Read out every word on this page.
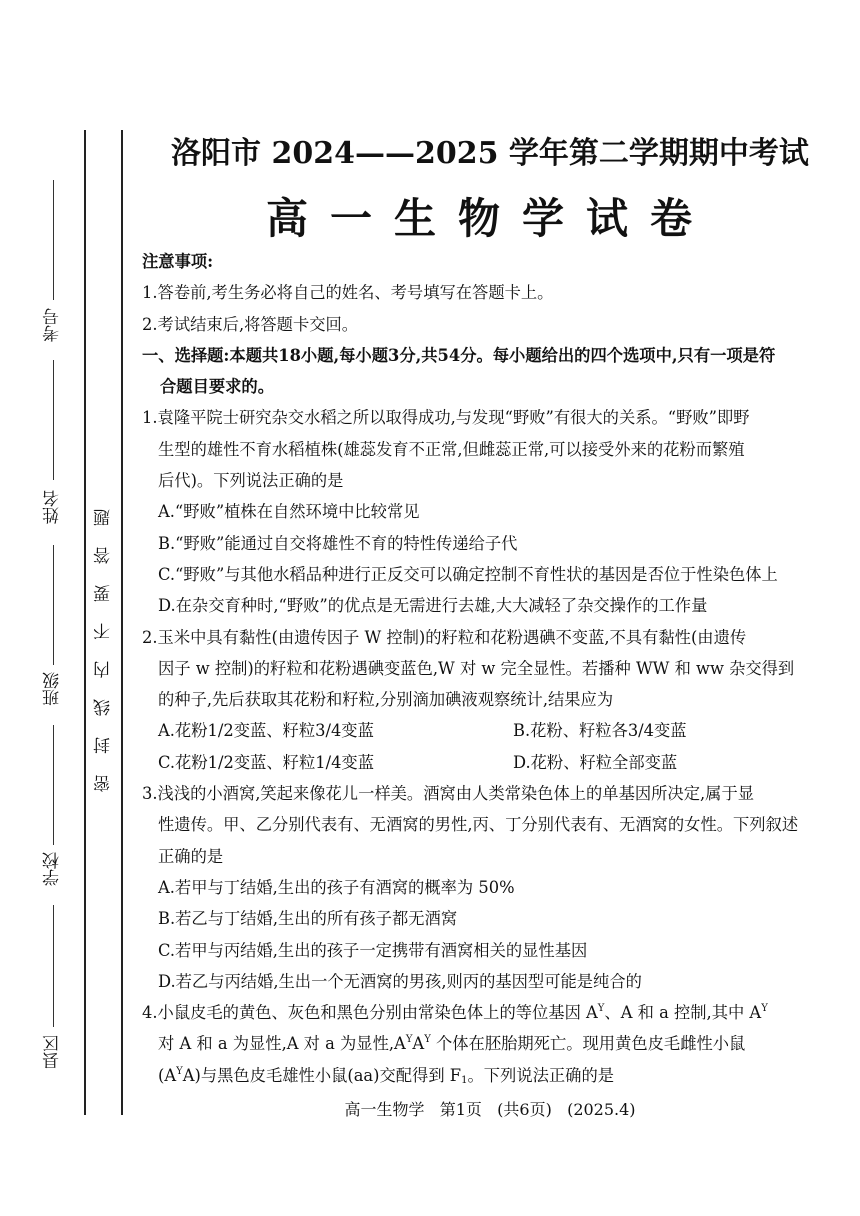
考号
姓名
班级
学校
县区
密封线内不要答题
洛阳市 2024——2025 学年第二学期期中考试
高一生物学试卷
注意事项:
1.答卷前,考生务必将自己的姓名、考号填写在答题卡上。
2.考试结束后,将答题卡交回。
一、选择题:本题共18小题,每小题3分,共54分。每小题给出的四个选项中,只有一项是符
合题目要求的。
1.袁隆平院士研究杂交水稻之所以取得成功,与发现“野败”有很大的关系。“野败”即野
生型的雄性不育水稻植株(雄蕊发育不正常,但雌蕊正常,可以接受外来的花粉而繁殖
后代)。下列说法正确的是
A.“野败”植株在自然环境中比较常见
B.“野败”能通过自交将雄性不育的特性传递给子代
C.“野败”与其他水稻品种进行正反交可以确定控制不育性状的基因是否位于性染色体上
D.在杂交育种时,“野败”的优点是无需进行去雄,大大减轻了杂交操作的工作量
2.玉米中具有黏性(由遗传因子 W 控制)的籽粒和花粉遇碘不变蓝,不具有黏性(由遗传
因子 w 控制)的籽粒和花粉遇碘变蓝色,W 对 w 完全显性。若播种 WW 和 ww 杂交得到
的种子,先后获取其花粉和籽粒,分别滴加碘液观察统计,结果应为
A.花粉1/2变蓝、籽粒3/4变蓝	B.花粉、籽粒各3/4变蓝
C.花粉1/2变蓝、籽粒1/4变蓝	D.花粉、籽粒全部变蓝
3.浅浅的小酒窝,笑起来像花儿一样美。酒窝由人类常染色体上的单基因所决定,属于显
性遗传。甲、乙分别代表有、无酒窝的男性,丙、丁分别代表有、无酒窝的女性。下列叙述
正确的是
A.若甲与丁结婚,生出的孩子有酒窝的概率为 50%
B.若乙与丁结婚,生出的所有孩子都无酒窝
C.若甲与丙结婚,生出的孩子一定携带有酒窝相关的显性基因
D.若乙与丙结婚,生出一个无酒窝的男孩,则丙的基因型可能是纯合的
4.小鼠皮毛的黄色、灰色和黑色分别由常染色体上的等位基因 $A^Y$、A 和 a 控制,其中 $A^Y$
对 A 和 a 为显性,A 对 a 为显性$,A^YA^Y$ 个体在胚胎期死亡。现用黄色皮毛雌性小鼠
$(A^YA)$与黑色皮毛雄性小鼠(aa)交配得到 $F_1$。下列说法正确的是
高一生物学   第1页   (共6页)   (2025.4)
